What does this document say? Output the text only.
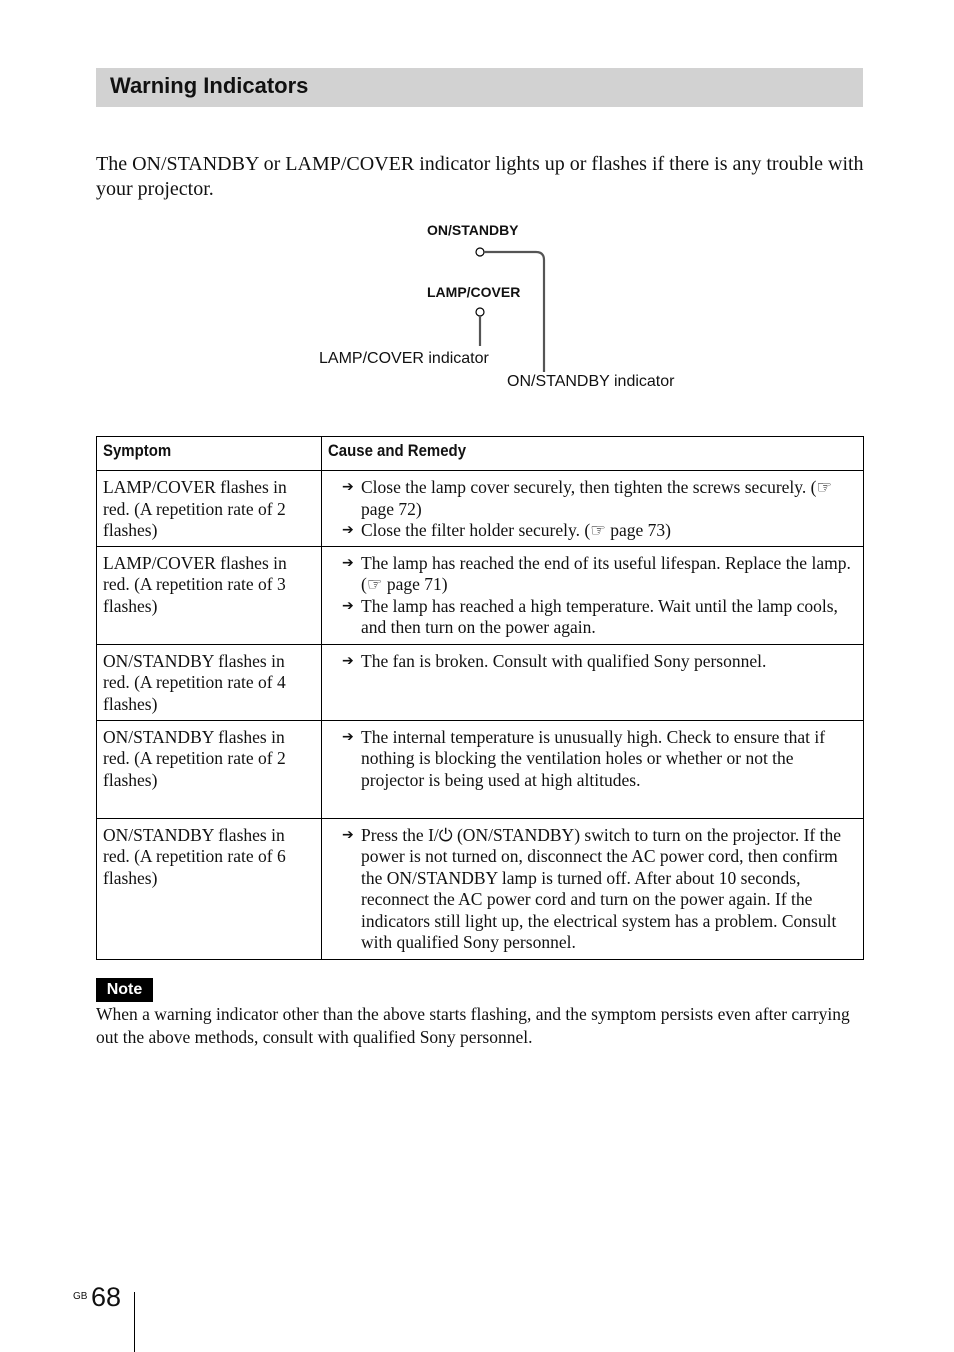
Warning Indicators

The ON/STANDBY or LAMP/COVER indicator lights up or flashes if there is any trouble with your projector.

ON/STANDBY
LAMP/COVER
LAMP/COVER indicator
ON/STANDBY indicator
Symptom	Cause and Remedy
LAMP/COVER flashes in red. (A repetition rate of 2 flashes)	➔ Close the lamp cover securely, then tighten the screws securely. (☞ page 72)
➔ Close the filter holder securely. (☞ page 73)

LAMP/COVER flashes in red. (A repetition rate of 3 flashes)	➔ The lamp has reached the end of its useful lifespan. Replace the lamp. (☞ page 71)
➔ The lamp has reached a high temperature. Wait until the lamp cools, and then turn on the power again.

ON/STANDBY flashes in red. (A repetition rate of 4 flashes)	➔ The fan is broken. Consult with qualified Sony personnel.

ON/STANDBY flashes in red. (A repetition rate of 2 flashes)	➔ The internal temperature is unusually high. Check to ensure that if nothing is blocking the ventilation holes or whether or not the projector is being used at high altitudes.

ON/STANDBY flashes in red. (A repetition rate of 6 flashes)	➔ Press the I/⏻ (ON/STANDBY) switch to turn on the projector. If the power is not turned on, disconnect the AC power cord, then confirm the ON/STANDBY lamp is turned off. After about 10 seconds, reconnect the AC power cord and turn on the power again. If the indicators still light up, the electrical system has a problem. Consult with qualified Sony personnel.
Note

When a warning indicator other than the above starts flashing, and the symptom persists even after carrying out the above methods, consult with qualified Sony personnel.

GB 68
